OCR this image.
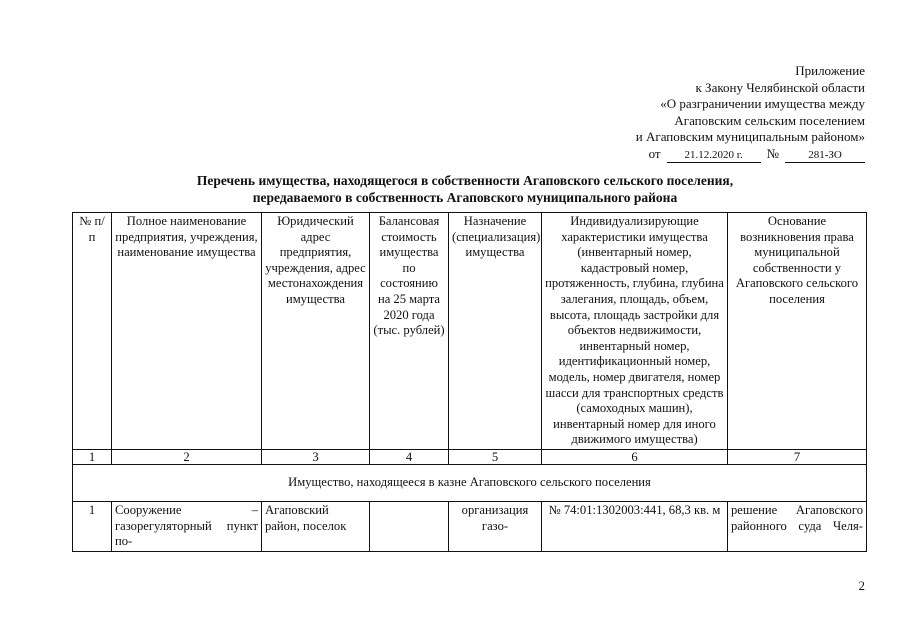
Приложение
к Закону Челябинской области
«О разграничении имущества между
Агаповским сельским поселением
и Агаповским муниципальным районом»
от	21.12.2020 г.	№	281-ЗО
Перечень имущества, находящегося в собственности Агаповского сельского поселения,
передаваемого в собственность Агаповского муниципального района
№ п/п	Полное наименование предприятия, учреждения, наименование имущества	Юридический адрес предприятия, учреждения, адрес местонахождения имущества	Балансовая стоимость имущества по состоянию на 25 марта 2020 года (тыс. рублей)	Назначение (специализация) имущества	Индивидуализирующие характеристики имущества (инвентарный номер, кадастровый номер, протяженность, глубина, глубина залегания, площадь, объем, высота, площадь застройки для объектов недвижимости, инвентарный номер, идентификационный номер, модель, номер двигателя, номер шасси для транспортных средств (самоходных машин), инвентарный номер для иного движимого имущества)	Основание возникновения права муниципальной собственности у Агаповского сельского поселения
1	2	3	4	5	6	7
Имущество, находящееся в казне Агаповского сельского поселения						
1	Сооружение – газорегуляторный пункт по-	Агаповский район, поселок		организация газо-	№ 74:01:1302003:441, 68,3 кв. м	решение Агаповского районного суда Челя-
2
